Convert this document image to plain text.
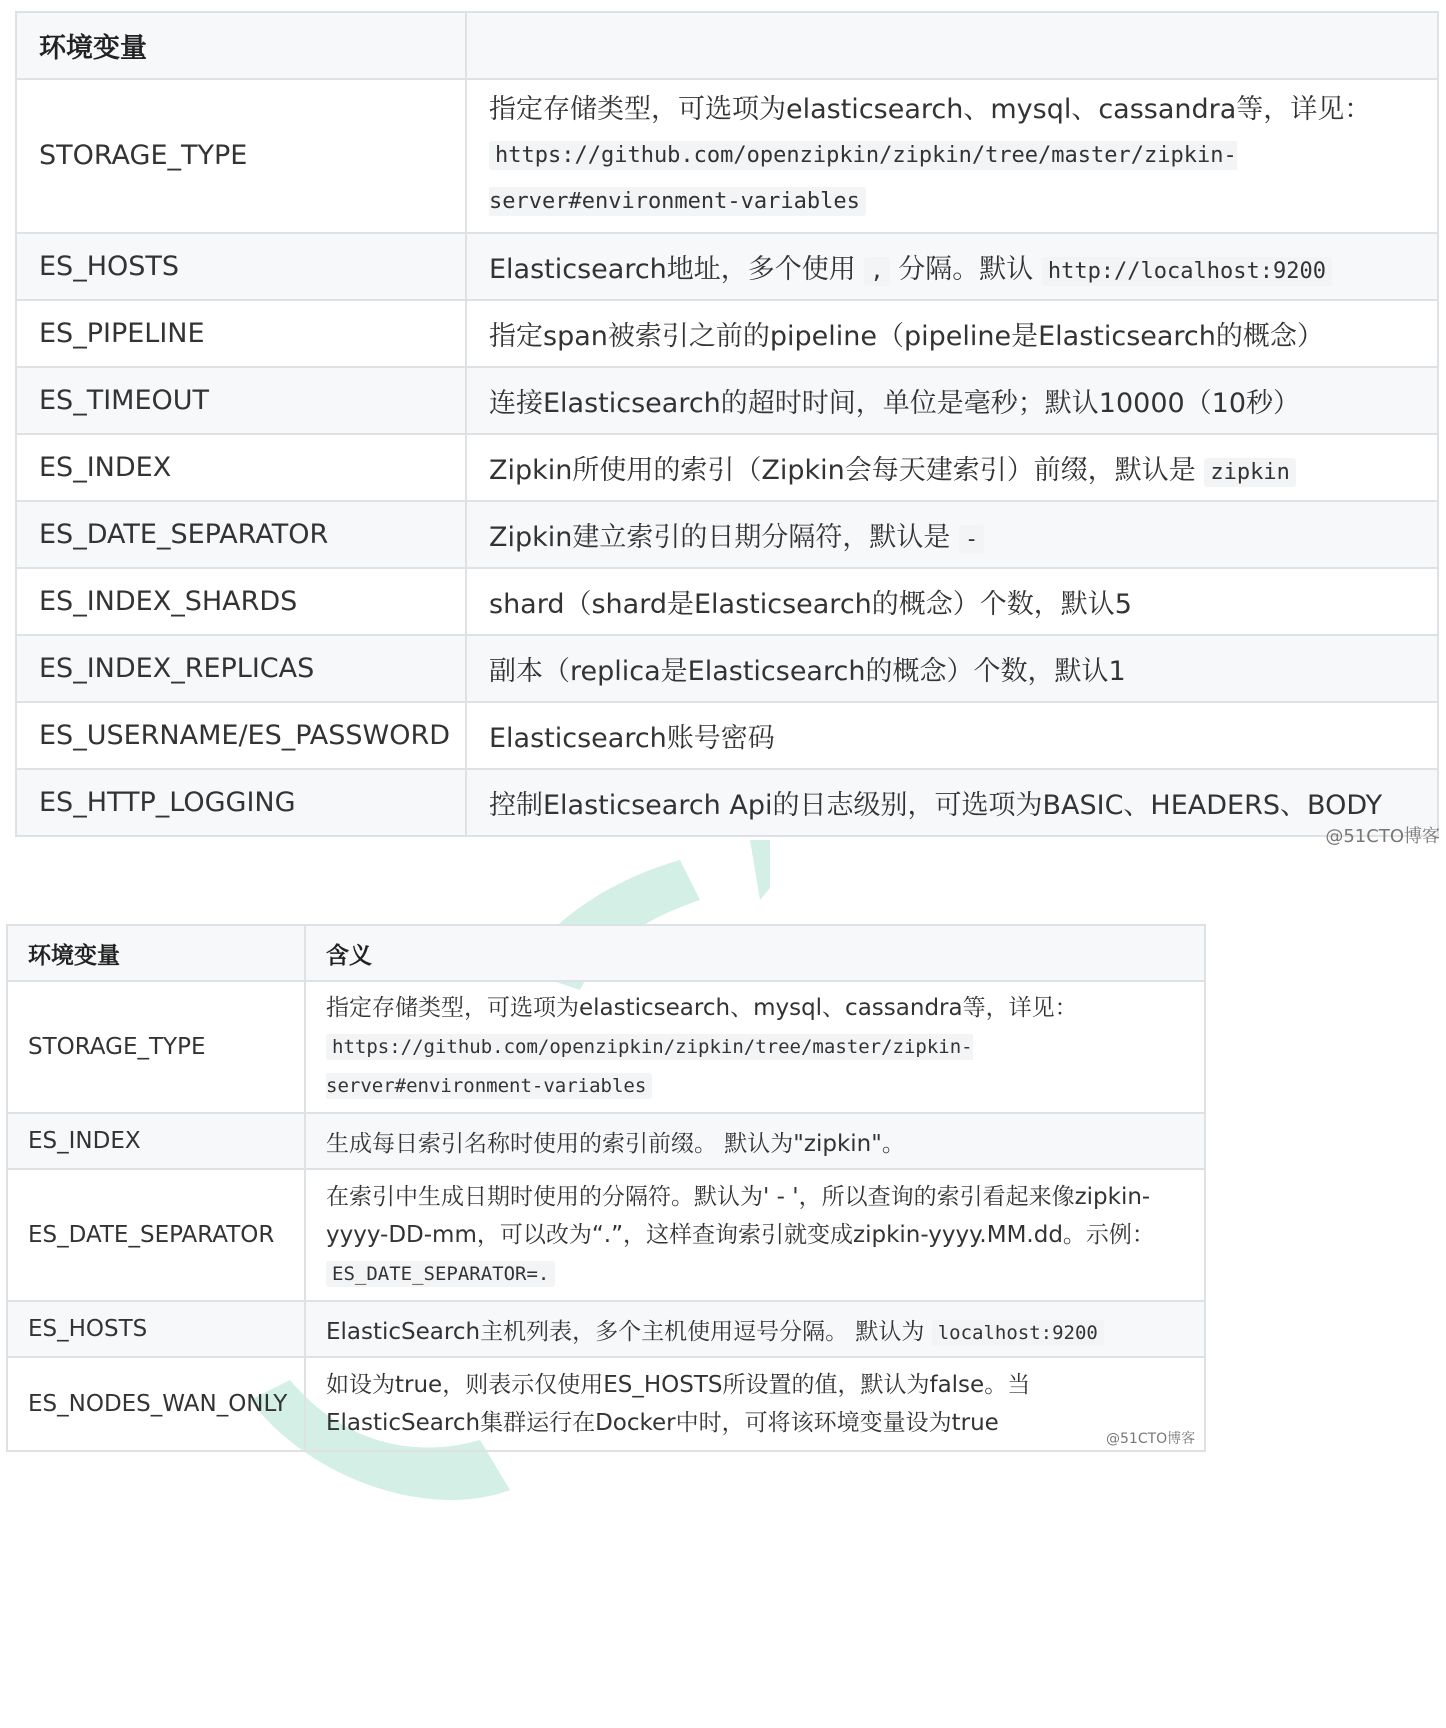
环境变量	
STORAGE_TYPE	指定存储类型，可选项为elasticsearch、mysql、cassandra等，详见： https://github.com/openzipkin/zipkin/tree/master/zipkin-server#environment-variables
ES_HOSTS	Elasticsearch地址，多个使用 , 分隔。默认 http://localhost:9200
ES_PIPELINE	指定span被索引之前的pipeline（pipeline是Elasticsearch的概念）
ES_TIMEOUT	连接Elasticsearch的超时时间，单位是毫秒；默认10000（10秒）
ES_INDEX	Zipkin所使用的索引（Zipkin会每天建索引）前缀，默认是 zipkin
ES_DATE_SEPARATOR	Zipkin建立索引的日期分隔符，默认是 -
ES_INDEX_SHARDS	shard（shard是Elasticsearch的概念）个数，默认5
ES_INDEX_REPLICAS	副本（replica是Elasticsearch的概念）个数，默认1
ES_USERNAME/ES_PASSWORD	Elasticsearch账号密码
ES_HTTP_LOGGING	控制Elasticsearch Api的日志级别，可选项为BASIC、HEADERS、BODY
@51CTO博客
环境变量	含义
STORAGE_TYPE	指定存储类型，可选项为elasticsearch、mysql、cassandra等，详见： https://github.com/openzipkin/zipkin/tree/master/zipkin-server#environment-variables
ES_INDEX	生成每日索引名称时使用的索引前缀。 默认为"zipkin"。
ES_DATE_SEPARATOR	在索引中生成日期时使用的分隔符。默认为' - '，所以查询的索引看起来像zipkin-yyyy-DD-mm，可以改为“.”，这样查询索引就变成zipkin-yyyy.MM.dd。示例： ES_DATE_SEPARATOR=.
ES_HOSTS	ElasticSearch主机列表，多个主机使用逗号分隔。 默认为 localhost:9200
ES_NODES_WAN_ONLY	如设为true，则表示仅使用ES_HOSTS所设置的值，默认为false。当ElasticSearch集群运行在Docker中时，可将该环境变量设为true
@51CTO博客
